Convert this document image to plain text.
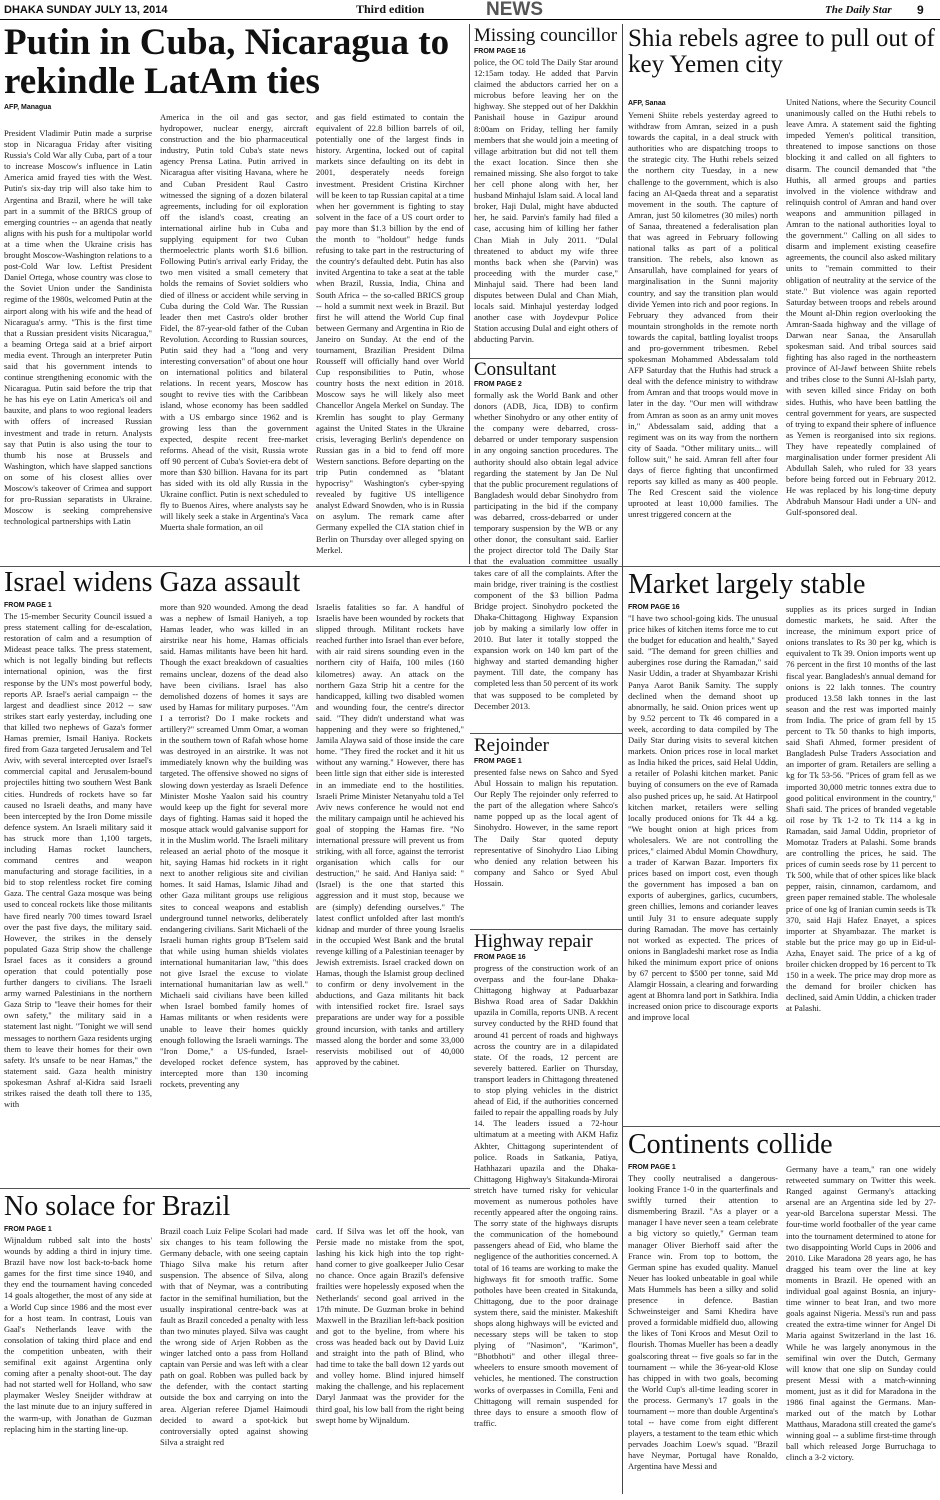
DHAKA SUNDAY JULY 13, 2014	Third edition	NEWS	The Daily Star 9
Putin in Cuba, Nicaragua to rekindle LatAm ties
AFP, Managua
President Vladimir Putin made a surprise stop in Nicaragua Friday after visiting Russia's Cold War ally Cuba, part of a tour to increase Moscow's influence in Latin America amid frayed ties with the West. Putin's six-day trip will also take him to Argentina and Brazil, where he will take part in a summit of the BRICS group of emerging countries -- an agenda that neatly aligns with his push for a multipolar world at a time when the Ukraine crisis has brought Moscow-Washington relations to a post-Cold War low. Leftist President Daniel Ortega, whose country was close to the Soviet Union under the Sandinista regime of the 1980s, welcomed Putin at the airport along with his wife and the head of Nicaragua's army. "This is the first time that a Russian president visits Nicaragua," a beaming Ortega said at a brief airport media event. Through an interpreter Putin said that his government intends to continue strengthening economic with the Nicaragua. Putin said before the trip that he has his eye on Latin America's oil and bauxite, and plans to woo regional leaders with offers of increased Russian investment and trade in return. Analysts say that Putin is also using the tour to thumb his nose at Brussels and Washington, which have slapped sanctions on some of his closest allies over Moscow's takeover of Crimea and support for pro-Russian separatists in Ukraine. Moscow is seeking comprehensive technological partnerships with Latin
America in the oil and gas sector, hydropower, nuclear energy, aircraft construction and the bio pharmaceutical industry, Putin told Cuba's state news agency Prensa Latina. Putin arrived in Nicaragua after visiting Havana, where he and Cuban President Raul Castro witnessed the signing of a dozen bilateral agreements, including for oil exploration off the island's coast, creating an international airline hub in Cuba and supplying equipment for two Cuban thermoelectric plants worth $1.6 billion. Following Putin's arrival early Friday, the two men visited a small cemetery that holds the remains of Soviet soldiers who died of illness or accident while serving in Cuba during the Cold War. The Russian leader then met Castro's older brother Fidel, the 87-year-old father of the Cuban Revolution. According to Russian sources, Putin said they had a "long and very interesting conversation" of about one hour on international politics and bilateral relations. In recent years, Moscow has sought to revive ties with the Caribbean island, whose economy has been saddled with a US embargo since 1962 and is growing less than the government expected, despite recent free-market reforms. Ahead of the visit, Russia wrote off 90 percent of Cuba's Soviet-era debt of more than $30 billion. Havana for its part has sided with its old ally Russia in the Ukraine conflict. Putin is next scheduled to fly to Buenos Aires, where analysts say he will likely seek a stake in Argentina's Vaca Muerta shale formation, an oil
and gas field estimated to contain the equivalent of 22.8 billion barrels of oil, potentially one of the largest finds in history. Argentina, locked out of capital markets since defaulting on its debt in 2001, desperately needs foreign investment. President Cristina Kirchner will be keen to tap Russian capital at a time when her government is fighting to stay solvent in the face of a US court order to pay more than $1.3 billion by the end of the month to "holdout" hedge funds refusing to take part in the restructuring of the country's defaulted debt. Putin has also invited Argentina to take a seat at the table when Brazil, Russia, India, China and South Africa -- the so-called BRICS group -- hold a summit next week in Brazil. But first he will attend the World Cup final between Germany and Argentina in Rio de Janeiro on Sunday. At the end of the tournament, Brazilian President Dilma Rousseff will officially hand over World Cup responsibilities to Putin, whose country hosts the next edition in 2018. Moscow says he will likely also meet Chancellor Angela Merkel on Sunday. The Kremlin has sought to play Germany against the United States in the Ukraine crisis, leveraging Berlin's dependence on Russian gas in a bid to fend off more Western sanctions. Before departing on the trip Putin condemned as "blatant hypocrisy" Washington's cyber-spying revealed by fugitive US intelligence analyst Edward Snowden, who is in Russia on asylum. The remark came after Germany expelled the CIA station chief in Berlin on Thursday over alleged spying on Merkel.
Missing councillor
FROM PAGE 16
police, the OC told The Daily Star around 12:15am today. He added that Parvin claimed the abductors carried her on a microbus before leaving her on the highway. She stepped out of her Dakkhin Panishail house in Gazipur around 8:00am on Friday, telling her family members that she would join a meeting of village arbitration but did not tell them the exact location. Since then she remained missing. She also forgot to take her cell phone along with her, her husband Minhajul Islam said. A local land broker, Haji Dulal, might have abducted her, he said. Parvin's family had filed a case, accusing him of killing her father Chan Miah in July 2011. "Dulal threatened to abduct my wife three months back when she (Parvin) was proceeding with the murder case," Minhajul said. There had been land disputes between Dulal and Chan Miah, locals said. Minhajul yesterday lodged another case with Joydevpur Police Station accusing Dulal and eight others of abducting Parvin.
Consultant
FROM PAGE 2
formally ask the World Bank and other donors (ADB, Jica, IDB) to confirm whether Sinohydro or any other entity of the company were debarred, cross-debarred or under temporary suspension in any ongoing sanction procedures. The authority should also obtain legal advice regarding the statement by Jan De Nul that the public procurement regulations of Bangladesh would debar Sinohydro from participating in the bid if the company was debarred, cross-debarred or under temporary suspension by the WB or any other donor, the consultant said. Earlier the project director told The Daily Star that the evaluation committee usually takes care of all the complaints. After the main bridge, river training is the costliest component of the $3 billion Padma Bridge project. Sinohydro pocketed the Dhaka-Chittagong Highway Expansion job by making a similarly low offer in 2010. But later it totally stopped the expansion work on 140 km part of the highway and started demanding higher payment. Till date, the company has completed less than 50 percent of its work that was supposed to be completed by December 2013.
Rejoinder
FROM PAGE 1
presented false news on Sahco and Syed Abul Hossain to malign his reputation. Our Reply The rejoinder only referred to the part of the allegation where Sahco's name popped up as the local agent of Sinohydro. However, in the same report The Daily Star quoted deputy representative of Sinohydro Liao Libing who denied any relation between his company and Sahco or Syed Abul Hossain.
Highway repair
FROM PAGE 16
progress of the construction work of an overpass and the four-lane Dhaka-Chittagong highway at Paduarbazar Bishwa Road area of Sadar Dakkhin upazila in Comilla, reports UNB. A recent survey conducted by the RHD found that around 41 percent of roads and highways across the country are in a dilapidated state. Of the roads, 12 percent are severely battered. Earlier on Thursday, transport leaders in Chittagong threatened to stop plying vehicles in the district ahead of Eid, if the authorities concerned failed to repair the appalling roads by July 14. The leaders issued a 72-hour ultimatum at a meeting with AKM Hafiz Akhter, Chittagong superintendent of police. Roads in Satkania, Patiya, Hathhazari upazila and the Dhaka-Chittagong Highway's Sitakunda-Mirorai stretch have turned risky for vehicular movement as numerous potholes have recently appeared after the ongoing rains. The sorry state of the highways disrupts the communication of the homebound passengers ahead of Eid, who blame the negligence of the authorities concerned. A total of 16 teams are working to make the highways fit for smooth traffic. Some potholes have been created in Sitakunda, Chittagong, due to the poor drainage system there, said the minister. Makeshift shops along highways will be evicted and necessary steps will be taken to stop plying of "Nasimon", "Karimon", "Bhotbhoti" and other illegal three-wheelers to ensure smooth movement of vehicles, he mentioned. The construction works of overpasses in Comilla, Feni and Chittagong will remain suspended for three days to ensure a smooth flow of traffic.
Shia rebels agree to pull out of key Yemen city
AFP, Sanaa
Yemeni Shiite rebels yesterday agreed to withdraw from Amran, seized in a push towards the capital, in a deal struck with authorities who are dispatching troops to the strategic city. The Huthi rebels seized the northern city Tuesday, in a new challenge to the government, which is also facing an Al-Qaeda threat and a separatist movement in the south. The capture of Amran, just 50 kilometres (30 miles) north of Sanaa, threatened a federalisation plan that was agreed in February following national talks as part of a political transition. The rebels, also known as Ansarullah, have complained for years of marginalisation in the Sunni majority country, and say the transition plan would divide Yemen into rich and poor regions. In February they advanced from their mountain strongholds in the remote north towards the capital, battling loyalist troops and pro-government tribesmen. Rebel spokesman Mohammed Abdessalam told AFP Saturday that the Huthis had struck a deal with the defence ministry to withdraw from Amran and that troops would move in later in the day. "Our men will withdraw from Amran as soon as an army unit moves in," Abdessalam said, adding that a regiment was on its way from the northern city of Saada. "Other military units... will follow suit," he said. Amran fell after four days of fierce fighting that unconfirmed reports say killed as many as 400 people. The Red Crescent said the violence uprooted at least 10,000 families. The unrest triggered concern at the
United Nations, where the Security Council unanimously called on the Huthi rebels to leave Amra. A statement said the fighting impeded Yemen's political transition, threatened to impose sanctions on those blocking it and called on all fighters to disarm. The council demanded that "the Huthis, all armed groups and parties involved in the violence withdraw and relinquish control of Amran and hand over weapons and ammunition pillaged in Amran to the national authorities loyal to the government." Calling on all sides to disarm and implement existing ceasefire agreements, the council also asked military units to "remain committed to their obligation of neutrality at the service of the state." But violence was again reported Saturday between troops and rebels around the Mount al-Dhin region overlooking the Amran-Saada highway and the village of Darwan near Sanaa, the Ansarullah spokesman said. And tribal sources said fighting has also raged in the northeastern province of Al-Jawf between Shiite rebels and tribes close to the Sunni Al-Islah party, with seven killed since Friday on both sides. Huthis, who have been battling the central government for years, are suspected of trying to expand their sphere of influence as Yemen is reorganised into six regions. They have repeatedly complained of marginalisation under former president Ali Abdullah Saleh, who ruled for 33 years before being forced out in February 2012. He was replaced by his long-time deputy Abdrabuh Mansour Hadi under a UN- and Gulf-sponsored deal.
Israel widens Gaza assault
FROM PAGE 1
The 15-member Security Council issued a press statement calling for de-escalation, restoration of calm and a resumption of Mideast peace talks. The press statement, which is not legally binding but reflects international opinion, was the first response by the UN's most powerful body, reports AP. Israel's aerial campaign -- the largest and deadliest since 2012 -- saw strikes start early yesterday, including one that killed two nephews of Gaza's former Hamas premier, Ismail Haniya. Rockets fired from Gaza targeted Jerusalem and Tel Aviv, with several intercepted over Israel's commercial capital and Jerusalem-bound projectiles hitting two southern West Bank cities. Hundreds of rockets have so far caused no Israeli deaths, and many have been intercepted by the Iron Dome missile defence system. An Israeli military said it has struck more than 1,100 targets, including Hamas rocket launchers, command centres and weapon manufacturing and storage facilities, in a bid to stop relentless rocket fire coming Gaza. The central Gaza mosque was being used to conceal rockets like those militants have fired nearly 700 times toward Israel over the past five days, the military said. However, the strikes in the densely populated Gaza Strip show the challenge Israel faces as it considers a ground operation that could potentially pose further dangers to civilians. The Israeli army warned Palestinians in the northern Gaza Strip to "leave their homes for their own safety," the military said in a statement last night. "Tonight we will send messages to northern Gaza residents urging them to leave their homes for their own safety. It's unsafe to be near Hamas," the statement said. Gaza health ministry spokesman Ashraf al-Kidra said Israeli strikes raised the death toll there to 135, with
more than 920 wounded. Among the dead was a nephew of Ismail Haniyeh, a top Hamas leader, who was killed in an airstrike near his home, Hamas officials said. Hamas militants have been hit hard. Though the exact breakdown of casualties remains unclear, dozens of the dead also have been civilians. Israel has also demolished dozens of homes it says are used by Hamas for military purposes. "Am I a terrorist? Do I make rockets and artillery?" screamed Umm Omar, a woman in the southern town of Rafah whose home was destroyed in an airstrike. It was not immediately known why the building was targeted. The offensive showed no signs of slowing down yesterday as Israeli Defence Minister Moshe Yaalon said his country would keep up the fight for several more days of fighting. Hamas said it hoped the mosque attack would galvanise support for it in the Muslim world. The Israeli military released an aerial photo of the mosque it hit, saying Hamas hid rockets in it right next to another religious site and civilian homes. It said Hamas, Islamic Jihad and other Gaza militant groups use religious sites to conceal weapons and establish underground tunnel networks, deliberately endangering civilians. Sarit Michaeli of the Israeli human rights group B'Tselem said that while using human shields violates international humanitarian law, "this does not give Israel the excuse to violate international humanitarian law as well." Michaeli said civilians have been killed when Israel bombed family homes of Hamas militants or when residents were unable to leave their homes quickly enough following the Israeli warnings. The "Iron Dome," a US-funded, Israel-developed rocket defence system, has intercepted more than 130 incoming rockets, preventing any
Israelis fatalities so far. A handful of Israelis have been wounded by rockets that slipped through. Militant rockets have reached further into Israel than ever before, with air raid sirens sounding even in the northern city of Haifa, 100 miles (160 kilometres) away. An attack on the northern Gaza Strip hit a centre for the handicapped, killing two disabled women and wounding four, the centre's director said. "They didn't understand what was happening and they were so frightened," Jamila Alaywa said of those inside the care home. "They fired the rocket and it hit us without any warning." However, there has been little sign that either side is interested in an immediate end to the hostilities. Israeli Prime Minister Netanyahu told a Tel Aviv news conference he would not end the military campaign until he achieved his goal of stopping the Hamas fire. "No international pressure will prevent us from striking, with all force, against the terrorist organisation which calls for our destruction," he said. And Haniya said: "(Israel) is the one that started this aggression and it must stop, because we are (simply) defending ourselves." The latest conflict unfolded after last month's kidnap and murder of three young Israelis in the occupied West Bank and the brutal revenge killing of a Palestinian teenager by Jewish extremists. Israel cracked down on Hamas, though the Islamist group declined to confirm or deny involvement in the abductions, and Gaza militants hit back with intensified rocket fire. Israel says preparations are under way for a possible ground incursion, with tanks and artillery massed along the border and some 33,000 reservists mobilised out of 40,000 approved by the cabinet.
Market largely stable
FROM PAGE 16
"I have two school-going kids. The unusual price hikes of kitchen items force me to cut the budget for education and health," Sayed said. "The demand for green chillies and aubergines rose during the Ramadan," said Nasir Uddin, a trader at Shyambazar Krishi Panya Aarot Banik Samity. The supply declined when the demand shoot up abnormally, he said. Onion prices went up by 9.52 percent to Tk 46 compared in a week, according to data compiled by The Daily Star during visits to several kitchen markets. Onion prices rose in local market as India hiked the prices, said Helal Uddin, a retailer of Polashi kitchen market. Panic buying of consumers on the eve of Ramada also pushed prices up, he said. At Hatirpool kitchen market, retailers were selling locally produced onions for Tk 44 a kg. "We bought onion at high prices from wholesalers. We are not controlling the prices," claimed Abdul Momin Chowdhury, a trader of Karwan Bazar. Importers fix prices based on import cost, even though the government has imposed a ban on exports of aubergines, garlics, cucumbers, green chillies, lemons and coriander leaves until July 31 to ensure adequate supply during Ramadan. The move has certainly not worked as expected. The prices of onions in Bangladeshi market rose as India hiked the minimum export price of onions by 67 percent to $500 per tonne, said Md Alamgir Hossain, a clearing and forwarding agent at Bhomra land port in Satkhira. India increased onion price to discourage exports and improve local
supplies as its prices surged in Indian domestic markets, he said. After the increase, the minimum export price of onions translates to Rs 30 per kg, which is equivalent to Tk 39. Onion imports went up 76 percent in the first 10 months of the last fiscal year. Bangladesh's annual demand for onions is 22 lakh tonnes. The country produced 13.58 lakh tonnes in the last season and the rest was imported mainly from India. The price of gram fell by 15 percent to Tk 50 thanks to high imports, said Shafi Ahmed, former president of Bangladesh Pulse Traders Association and an importer of gram. Retailers are selling a kg for Tk 53-56. "Prices of gram fell as we imported 30,000 metric tonnes extra due to good political environment in the country," Shafi said. The prices of branded vegetable oil rose by Tk 1-2 to Tk 114 a kg in Ramadan, said Jamal Uddin, proprietor of Momotaz Traders at Palashi. Some brands are controlling the prices, he said. The prices of cumin seeds rose by 11 percent to Tk 500, while that of other spices like black pepper, raisin, cinnamon, cardamom, and green paper remained stable. The wholesale price of one kg of Iranian cumin seeds is Tk 370, said Haji Hafez Enayet, a spices importer at Shyambazar. The market is stable but the price may go up in Eid-ul-Azha, Enayet said. The price of a kg of broiler chicken dropped by 16 percent to Tk 150 in a week. The price may drop more as the demand for broiler chicken has declined, said Amin Uddin, a chicken trader at Palashi.
No solace for Brazil
FROM PAGE 1
Wijnaldum rubbed salt into the hosts' wounds by adding a third in injury time. Brazil have now lost back-to-back home games for the first time since 1940, and they end the tournament having conceded 14 goals altogether, the most of any side at a World Cup since 1986 and the most ever for a host team. In contrast, Louis van Gaal's Netherlands leave with the consolation of taking third place and end the competition unbeaten, with their semifinal exit against Argentina only coming after a penalty shoot-out. The day had not started well for Holland, who saw playmaker Wesley Sneijder withdraw at the last minute due to an injury suffered in the warm-up, with Jonathan de Guzman replacing him in the starting line-up.
Brazil coach Luiz Felipe Scolari had made six changes to his team following the Germany debacle, with one seeing captain Thiago Silva make his return after suspension. The absence of Silva, along with that of Neymar, was a contributing factor in the semifinal humiliation, but the usually inspirational centre-back was at fault as Brazil conceded a penalty with less than two minutes played. Silva was caught the wrong side of Arjen Robben as the winger latched onto a pass from Holland captain van Persie and was left with a clear path on goal. Robben was pulled back by the defender, with the contact starting outside the box and carrying on into the area. Algerian referee Djamel Haimoudi decided to award a spot-kick but controversially opted against showing Silva a straight red
card. If Silva was let off the hook, van Persie made no mistake from the spot, lashing his kick high into the top right-hand corner to give goalkeeper Julio Cesar no chance. Once again Brazil's defensive frailties were hopelessly exposed when the Netherlands' second goal arrived in the 17th minute. De Guzman broke in behind Maxwell in the Brazilian left-back position and got to the byeline, from where his cross was headed back out by David Luiz and straight into the path of Blind, who had time to take the ball down 12 yards out and volley home. Blind injured himself making the challenge, and his replacement Daryl Janmaat was the provider for the third goal, his low ball from the right being swept home by Wijnaldum.
Continents collide
FROM PAGE 1
They coolly neutralised a dangerous-looking France 1-0 in the quarterfinals and swiftly turned their attention to dismembering Brazil. "As a player or a manager I have never seen a team celebrate a big victory so quietly," German team manager Oliver Bierhoff said after the France win. From top to bottom, the German spine has exuded quality. Manuel Neuer has looked unbeatable in goal while Mats Hummels has been a silky and solid presence in defence. Bastian Schweinsteiger and Sami Khedira have proved a formidable midfield duo, allowing the likes of Toni Kroos and Mesut Ozil to flourish. Thomas Mueller has been a deadly goalscoring threat -- five goals so far in the tournament -- while the 36-year-old Klose has chipped in with two goals, becoming the World Cup's all-time leading scorer in the process. Germany's 17 goals in the tournament -- more than double Argentina's total -- have come from eight different players, a testament to the team ethic which pervades Joachim Loew's squad. "Brazil have Neymar, Portugal have Ronaldo, Argentina have Messi and
Germany have a team," ran one widely retweeted summary on Twitter this week. Ranged against Germany's attacking arsenal are an Argentina side led by 27-year-old Barcelona superstar Messi. The four-time world footballer of the year came into the tournament determined to atone for two disappointing World Cups in 2006 and 2010. Like Maradona 28 years ago, he has dragged his team over the line at key moments in Brazil. He opened with an individual goal against Bosnia, an injury-time winner to beat Iran, and two more goals against Nigeria. Messi's run and pass created the extra-time winner for Angel Di Maria against Switzerland in the last 16. While he was largely anonymous in the semifinal win over the Dutch, Germany will know that one slip on Sunday could present Messi with a match-winning moment, just as it did for Maradona in the 1986 final against the Germans. Man-marked out of the match by Lothar Matthaus, Maradona still created the game's winning goal -- a sublime first-time through ball which released Jorge Burruchaga to clinch a 3-2 victory.
